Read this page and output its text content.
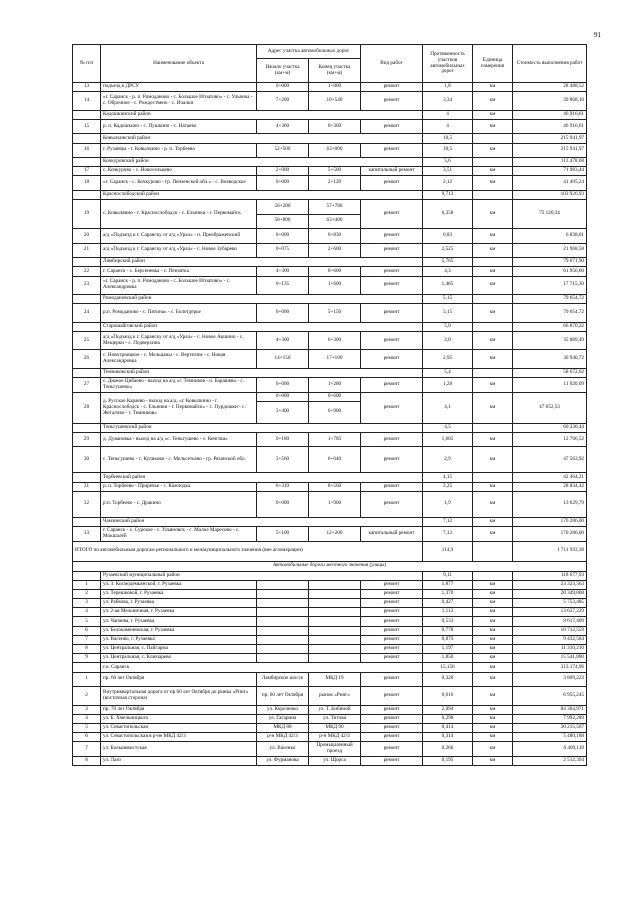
91
№ п/п	Наименование объекта	Адрес участка автомобильных дорог		Вид работ	Протяженность участков автомобильных дорог	Единица измерения	Стоимость выполнения работ
		Начало участка (км+м)	Конец участка (км+м)				
13	подъезд к ДРСУ	0+000	1+800	ремонт	1,8	км	28 488,52
14	«г. Саранск - р. п. Ромоданово - с. Большое Игнатово» - с. Ульянка - с. Оброчное - с. Рождествено - с. Ичалки	7+200	10+540	ремонт	3,34	км	39 868,10
	Кадошкинский район				4	км	46 916,61
15	р. п. Кадошкино - с. Пушкино - с. Нагаево	4+360	8+360	ремонт	4	км	46 916,61
	Ковылкинский район				10,5		215 941,97
16	г. Рузаевка - г. Ковылкино - р. п. Торбеево	52+500	63+000	ремонт	10,5	км	215 941,97
	Кочкуровский район				5,6		113 478,68
17	с. Кочкурово - с. Новосельцево	2+000	5+500	капитальный ремонт	3,51	км	71 983,44
18	«г. Саранск - с. Кочкурово - гр. Пензенской обл.» - с. Воеводское	0+000	2+120	ремонт	2,12	км	41 495,24
	Краснослободский район				9,713		103 926,93
19	с. Ковыляино - г. Краснослободск - с. Ельники - г. Первомайск	56+200	57+780	ремонт	6,358	км	75 120,34
		58+800	63+400				
20	а/д «Подъезд к г. Саранску от а/д «Урал» - п. Преображенский	0+000	0+830	ремонт	0,83	км	6 838,01
21	а/д «Подъезд к г. Саранску от а/д «Урал» - с. Новое Зубарево	0+075	2+600	ремонт	2,525	км	21 968,58
	Лямбирский район				5,765		79 671,90
22	г. Саранск - с. Берсеневка - с. Пензятка	4+300	8+600	ремонт	4,3	км	61 956,60
23	«г. Саранск - р. п. Ромоданово - с. Большое Игнатово» - с. Александровка	0+135	1+600	ремонт	1,465	км	17 715,30
	Ромодановский район				5,15		79 654,72
24	р.п. Ромоданово - с. Пятина» - с. Болотдерье	0+000	5+150	ремонт	5,15	км	79 654,72
	Старошайговский район				5,0		66 870,22
25	а/д «Подъезд к г. Саранску от а/д «Урал» - с. Новое Акшино - с. Мещерки - с. Подверхина	4+300	6+300	ремонт	2,0	км	35 889,49
26	с. Новотроицкое - с. Мельцаны - с. Вертелим - с. Новая Александровка	14+150	17+100	ремонт	2,95	км	30 940,72
	Темниковский район				5,4		58 672,62
27	с. Дюжое Цибаево - выход на а/д «г. Темников - п. Барашево - с. Теньгушево»	0+000	1+280	ремонт	1,28	км	11 020,09
28	д. Русское Караево - выход на а/д. «г. Ковылкино - г. Краснослободск - с. Ельники - г. Первомайск» - с. Пурдошки - с. Жегалово - г. Темников»	0+000	0+600	ремонт	4,1	км	47 652,53
		3+400	6+900				
	Теньгушевский район				4,5		60 330,44
29	д. Дувановка - выход на а/д «с. Теньгушево - с. Кенгиш»	0+180	1+785	ремонт	1,605	км	12 766,52
30	с. Теньгушево - с. Куликово - с. Мельсетьево - гр. Рязанской обл.	3+560	6+640	ремонт	2,9	км	47 563,92
	Торбеевский район				4,15		42 464,21
31	р. п. Торбеево - Приречье - с. Кажлодка	6+310	8+560	ремонт	2,25	км	28 834,42
32	р.п. Торбеево - с. Дракино	0+000	1+900	ремонт	1,9	км	13 629,79
	Чамзинский район				7,12	км	170 286,00
33	г. Саранск - с. Сурское - с. Ульяновск - с. Малое Маресево - с. Мокшалей	5+100	12+200	капитальный ремонт	7,12	км	170 286,00
ИТОГО по автомобильным дорогам регионального и межмуниципального значения (вне агломерации)					114,9		1 711 933,38
Автомобильные дороги местного значения (улицы)							
	Рузаевский муниципальный район				9,11		118 677,93
1	ул. З. Космодемьянской, г. Рузаевка			ремонт	1,877	км	23 323,563
2	ул. Терешковой, г. Рузаевка			ремонт	1,370	км	20 349,008
3	ул. Рабкова, г. Рузаевка			ремонт	0,427	км	5 753,485
4	ул. 2-ая Мельничная, г. Рузаевка			ремонт	1,112	км	13 637,229
5	ул. Чапаева, г. Рузаевка			ремонт	0,533	км	8 617,409
6	ул. Белокаменевская, г. Рузаевка			ремонт	0,778	км	10 712,559
7	ул. Васенко, г. Рузаевка			ремонт	0,873	км	9 432,584
8	ул. Центральная, с. Пайгарма			ремонт	1,197	км	11 310,210
9	ул. Центральная, с. Ключарево			ремонт	1,850	км	15 541,880
	г.о. Саранск				15,156	км	313 174,96
1	пр. 60 лет Октября	Ламбирское шоссе	МКД 19	ремонт	0,320	км	3 809,223
2	Внутриквартальная дорога от пр 60 лет Октября до рынка «Ринг» (восточная сторона)	пр. 60 лет Октября	рынок «Ринг»	ремонт	0,616	км	6 955,245
3	пр. 70 лет Октября	ул. Короленко	ул. Т. Бибиной	ремонт	2,094	км	84 304,971
4	ул. Б. Хмельницкого	ул. Гагарина	ул. Титова	ремонт	0,298	км	7 992,289
5	ул. Севастопольская	МКД 88	МКД 90	ремонт	0,414	км	30 215,567
6	ул. Севастопольская в р-не МКД 42/3	р-н МКД 42/3	р-н МКД 42/3	ремонт	0,314	км	5 480,188
7	ул. Большевистская	ул. Васенко	Промышленный проезд	ремонт	0,266	км	6 409,119
8	ул. Лазо	ул. Фурманова	ул. Щорса	ремонт	0,195	км	2 512,394
